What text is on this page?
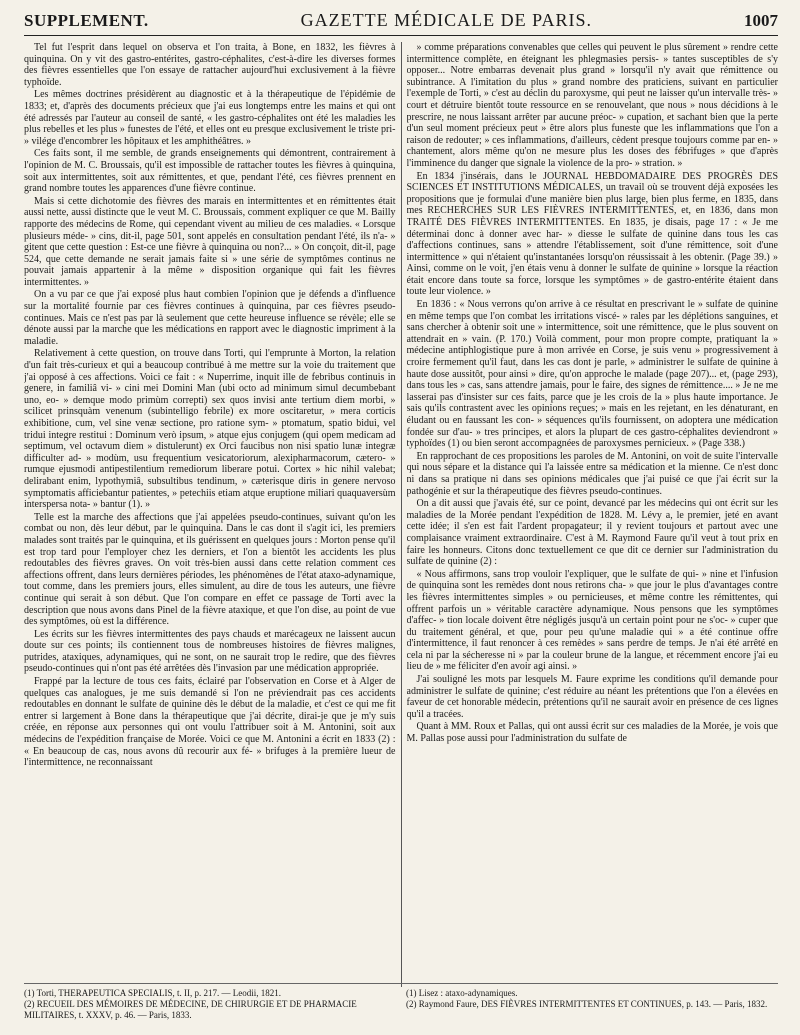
SUPPLEMENT.	GAZETTE MÉDICALE DE PARIS.	1007

Tel fut l'esprit dans lequel on observa et l'on traita, à Bone, en 1832, les fièvres à quinquina. On y vit des gastro-entérites, gastro-céphalites, c'est-à-dire les diverses formes des fièvres essentielles que l'on essaye de rattacher aujourd'hui exclusivement à la fièvre typhoïde.

Les mêmes doctrines présidèrent au diagnostic et à la thérapeutique de l'épidémie de 1833; et, d'après des documents précieux que j'ai eus longtemps entre les mains et qui ont été adressés par l'auteur au conseil de santé, « les gastro-céphalites ont été les maladies les plus rebelles et les plus » funestes de l'été, et elles ont eu presque exclusivement le triste pri- » vilége d'encombrer les hôpitaux et les amphithéâtres. »

Ces faits sont, il me semble, de grands enseignements qui démontrent, contrairement à l'opinion de M. C. Broussais, qu'il est impossible de rattacher toutes les fièvres à quinquina, soit aux intermittentes, soit aux rémittentes, et que, pendant l'été, ces fièvres prennent en grand nombre toutes les apparences d'une fièvre continue.

Mais si cette dichotomie des fièvres des marais en intermittentes et en rémittentes était aussi nette, aussi distincte que le veut M. C. Broussais, comment expliquer ce que M. Bailly rapporte des médecins de Rome, qui cependant vivent au milieu de ces maladies. « Lorsque plusieurs méde- » cins, dit-il, page 501, sont appelés en consultation pendant l'été, ils n'a- » gitent que cette question : Est-ce une fièvre à quinquina ou non?... » On conçoit, dit-il, page 524, que cette demande ne serait jamais faite si » une série de symptômes continus ne pouvait jamais appartenir à la même » disposition organique qui fait les fièvres intermittentes. »

On a vu par ce que j'ai exposé plus haut combien l'opinion que je défends a d'influence sur la mortalité fournie par ces fièvres continues à quinquina, par ces fièvres pseudo-continues. Mais ce n'est pas par là seulement que cette heureuse influence se révèle; elle se dénote aussi par la marche que les médications en rapport avec le diagnostic impriment à la maladie.

Relativement à cette question, on trouve dans Torti, qui l'emprunte à Morton, la relation d'un fait très-curieux et qui a beaucoup contribué à me mettre sur la voie du traitement que j'ai opposé à ces affections. Voici ce fait : « Nuperrime, inquit ille de febribus continuis in genere, in familiâ vi- » cini mei Domini Man (ubi octo ad minimum simul decumbebant uno, eo- » demque modo primùm correpti) sex quos invisi ante tertium diem morbi, » scilicet prinsquàm venenum (subintelligo febrile) ex more oscitaretur, » mera corticis exhibitione, cum, vel sine venæ sectione, pro ratione sym- » ptomatum, spatio bidui, vel tridui integre restitui : Dominum verò ipsum, » atque ejus conjugem (qui opem medicam ad septimum, vel octavum diem » distulerunt) ex Orci faucibus non nisi spatio lunæ integræ difficulter ad- » modùm, usu frequentium vesicatoriorum, alexipharmacorum, cætero- » rumque ejusmodi antipestilentium remediorum liberare potui. Cortex » hic nihil valebat; delirabant enim, lypothymiâ, subsultibus tendinum, » cæterisque diris in genere nervoso symptomatis afficiebantur patientes, » petechiis etiam atque eruptione miliari quaquaversùm interspersa nota- » bantur (1). »

Telle est la marche des affections que j'ai appelées pseudo-continues, suivant qu'on les combat ou non, dès leur début, par le quinquina. Dans le cas dont il s'agit ici, les premiers malades sont traités par le quinquina, et ils guérissent en quelques jours : Morton pense qu'il est trop tard pour l'employer chez les derniers, et l'on a bientôt les accidents les plus redoutables des fièvres graves. On voit très-bien aussi dans cette relation comment ces affections offrent, dans leurs dernières périodes, les phénomènes de l'état ataxo-adynamique, tout comme, dans les premiers jours, elles simulent, au dire de tous les auteurs, une fièvre continue qui serait à son début. Que l'on compare en effet ce passage de Torti avec la description que nous avons dans Pinel de la fièvre ataxique, et que l'on dise, au point de vue des symptômes, où est la différence.

Les écrits sur les fièvres intermittentes des pays chauds et marécageux ne laissent aucun doute sur ces points; ils contiennent tous de nombreuses histoires de fièvres malignes, putrides, ataxiques, adynamiques, qui ne sont, on ne saurait trop le redire, que des fièvres pseudo-continues qui n'ont pas été arrêtées dès l'invasion par une médication appropriée.

Frappé par la lecture de tous ces faits, éclairé par l'observation en Corse et à Alger de quelques cas analogues, je me suis demandé si l'on ne préviendrait pas ces accidents redoutables en donnant le sulfate de quinine dès le début de la maladie, et c'est ce qui me fit entrer si largement à Bone dans la thérapeutique que j'ai décrite, dirai-je que je m'y suis créée, en réponse aux personnes qui ont voulu l'attribuer soit à M. Antonini, soit aux médecins de l'expédition française de Morée. Voici ce que M. Antonini a écrit en 1833 (2) : « En beaucoup de cas, nous avons dû recourir aux fé- » brifuges à la première lueur de l'intermittence, ne reconnaissant

» comme préparations convenables que celles qui peuvent le plus sûrement » rendre cette intermittence complète, en éteignant les phlegmasies persis- » tantes susceptibles de s'y opposer... Notre embarras devenait plus grand » lorsqu'il n'y avait que rémittence ou subintrance. A l'imitation du plus » grand nombre des praticiens, suivant en particulier l'exemple de Torti, » c'est au déclin du paroxysme, qui peut ne laisser qu'un intervalle très- » court et détruire bientôt toute ressource en se renouvelant, que nous » nous décidions à le prescrire, ne nous laissant arrêter par aucune préoc- » cupation, et sachant bien que la perte d'un seul moment précieux peut » être alors plus funeste que les inflammations que l'on a raison de redouter; » ces inflammations, d'ailleurs, cèdent presque toujours comme par en- » chantement, alors même qu'on ne mesure plus les doses des fébrifuges » que d'après l'imminence du danger que signale la violence de la pro- » stration. »

En 1834 j'insérais, dans le JOURNAL HEBDOMADAIRE DES PROGRÈS DES SCIENCES ET INSTITUTIONS MÉDICALES, un travail où se trouvent déjà exposées les propositions que je formulai d'une manière bien plus large, bien plus ferme, en 1835, dans mes RECHERCHES SUR LES FIÈVRES INTERMITTENTES, et, en 1836, dans mon TRAITÉ DES FIÈVRES INTERMITTENTES. En 1835, je disais, page 17 : « Je me déterminai donc à donner avec har- » diesse le sulfate de quinine dans tous les cas d'affections continues, sans » attendre l'établissement, soit d'une rémittence, soit d'une intermittence » qui n'étaient qu'instantanées lorsqu'on réussissait à les obtenir. (Page 39.) » Ainsi, comme on le voit, j'en étais venu à donner le sulfate de quinine » lorsque la réaction était encore dans toute sa force, lorsque les symptômes » de gastro-entérite étaient dans toute leur violence. »

En 1836 : « Nous verrons qu'on arrive à ce résultat en prescrivant le » sulfate de quinine en même temps que l'on combat les irritations viscé- » rales par les déplétions sanguines, et sans chercher à obtenir soit une » intermittence, soit une rémittence, que le plus souvent on attendrait en » vain. (P. 170.) Voilà comment, pour mon propre compte, pratiquant la » médecine antiphlogistique pure à mon arrivée en Corse, je suis venu » progressivement à croire fermement qu'il faut, dans les cas dont je parle, » administrer le sulfate de quinine à haute dose aussitôt, pour ainsi » dire, qu'on approche le malade (page 207)... et, (page 293), dans tous les » cas, sans attendre jamais, pour le faire, des signes de rémittence.... » Je ne me lasserai pas d'insister sur ces faits, parce que je les crois de la » plus haute importance. Je sais qu'ils contrastent avec les opinions reçues; » mais en les rejetant, en les dénaturant, en éludant ou en faussant les con- » séquences qu'ils fournissent, on adoptera une médication fondée sur d'au- » tres principes, et alors la plupart de ces gastro-céphalites deviendront » typhoïdes (1) ou bien seront accompagnées de paroxysmes pernicieux. » (Page 338.)

En rapprochant de ces propositions les paroles de M. Antonini, on voit de suite l'intervalle qui nous sépare et la distance qui l'a laissée entre sa médication et la mienne. Ce n'est donc ni dans sa pratique ni dans ses opinions médicales que j'ai puisé ce que j'ai écrit sur la pathogénie et sur la thérapeutique des fièvres pseudo-continues.

On a dit aussi que j'avais été, sur ce point, devancé par les médecins qui ont écrit sur les maladies de la Morée pendant l'expédition de 1828. M. Lévy a, le premier, jeté en avant cette idée; il s'en est fait l'ardent propagateur; il y revient toujours et partout avec une complaisance vraiment extraordinaire. C'est à M. Raymond Faure qu'il veut à tout prix en faire les honneurs. Citons donc textuellement ce que dit ce dernier sur l'administration du sulfate de quinine (2) :

« Nous affirmons, sans trop vouloir l'expliquer, que le sulfate de qui- » nine et l'infusion de quinquina sont les remèdes dont nous retirons cha- » que jour le plus d'avantages contre les fièvres intermittentes simples » ou pernicieuses, et même contre les rémittentes, qui offrent parfois un » véritable caractère adynamique. Nous pensons que les symptômes d'affec- » tion locale doivent être négligés jusqu'à un certain point pour ne s'oc- » cuper que du traitement général, et que, pour peu qu'une maladie qui » a été continue offre d'intermittence, il faut renoncer à ces remèdes » sans perdre de temps. Je n'ai été arrêté en cela ni par la sécheresse ni » par la couleur brune de la langue, et récemment encore j'ai eu lieu de » me féliciter d'en avoir agi ainsi. »

J'ai souligné les mots par lesquels M. Faure exprime les conditions qu'il demande pour administrer le sulfate de quinine; c'est réduire au néant les prétentions que l'on a élevées en faveur de cet honorable médecin, prétentions qu'il ne saurait avoir en présence de ces lignes qu'il a tracées.

Quant à MM. Roux et Pallas, qui ont aussi écrit sur ces maladies de la Morée, je vois que M. Pallas pose aussi pour l'administration du sulfate de

(1) Torti, THERAPEUTICA SPECIALIS, t. II, p. 217. — Leodii, 1821.
(2) RECUEIL DES MÉMOIRES DE MÉDECINE, DE CHIRURGIE ET DE PHARMACIE MILITAIRES, t. XXXV, p. 46. — Paris, 1833.
(1) Lisez : ataxo-adynamiques.
(2) Raymond Faure, DES FIÈVRES INTERMITTENTES ET CONTINUES, p. 143. — Paris, 1832.
